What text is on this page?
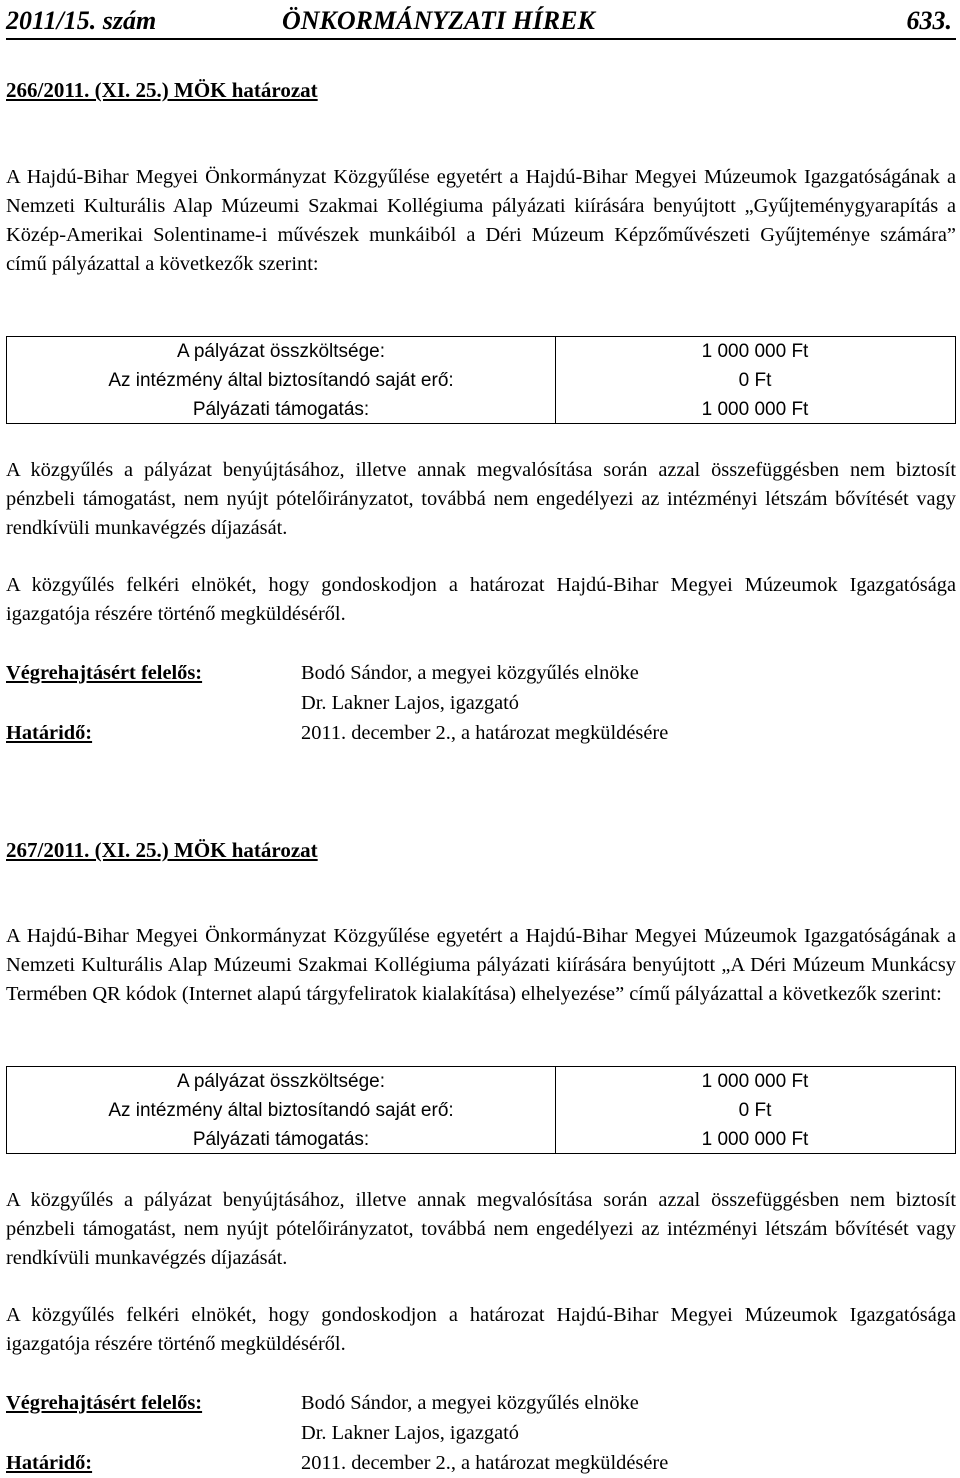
2011/15. szám	ÖNKORMÁNYZATI HÍREK	633.

266/2011. (XI. 25.) MÖK határozat

A Hajdú-Bihar Megyei Önkormányzat Közgyűlése egyetért a Hajdú-Bihar Megyei Múzeumok Igazgatóságának a Nemzeti Kulturális Alap Múzeumi Szakmai Kollégiuma pályázati kiírására benyújtott „Gyűjteménygyarapítás a Közép-Amerikai Solentiname-i művészek munkáiból a Déri Múzeum Képzőművészeti Gyűjteménye számára” című pályázattal a következők szerint:

A pályázat összköltsége:	1 000 000 Ft
Az intézmény által biztosítandó saját erő:	0 Ft
Pályázati támogatás:	1 000 000 Ft

A közgyűlés a pályázat benyújtásához, illetve annak megvalósítása során azzal összefüggésben nem biztosít pénzbeli támogatást, nem nyújt pótelőirányzatot, továbbá nem engedélyezi az intézményi létszám bővítését vagy rendkívüli munkavégzés díjazását.

A közgyűlés felkéri elnökét, hogy gondoskodjon a határozat Hajdú-Bihar Megyei Múzeumok Igazgatósága igazgatója részére történő megküldéséről.

Végrehajtásért felelős:	Bodó Sándor, a megyei közgyűlés elnöke
Dr. Lakner Lajos, igazgató
Határidő:	2011. december 2., a határozat megküldésére

267/2011. (XI. 25.) MÖK határozat

A Hajdú-Bihar Megyei Önkormányzat Közgyűlése egyetért a Hajdú-Bihar Megyei Múzeumok Igazgatóságának a Nemzeti Kulturális Alap Múzeumi Szakmai Kollégiuma pályázati kiírására benyújtott „A Déri Múzeum Munkácsy Termében QR kódok (Internet alapú tárgyfeliratok kialakítása) elhelyezése” című pályázattal a következők szerint:

A pályázat összköltsége:	1 000 000 Ft
Az intézmény által biztosítandó saját erő:	0 Ft
Pályázati támogatás:	1 000 000 Ft

A közgyűlés a pályázat benyújtásához, illetve annak megvalósítása során azzal összefüggésben nem biztosít pénzbeli támogatást, nem nyújt pótelőirányzatot, továbbá nem engedélyezi az intézményi létszám bővítését vagy rendkívüli munkavégzés díjazását.

A közgyűlés felkéri elnökét, hogy gondoskodjon a határozat Hajdú-Bihar Megyei Múzeumok Igazgatósága igazgatója részére történő megküldéséről.

Végrehajtásért felelős:	Bodó Sándor, a megyei közgyűlés elnöke
Dr. Lakner Lajos, igazgató
Határidő:	2011. december 2., a határozat megküldésére
